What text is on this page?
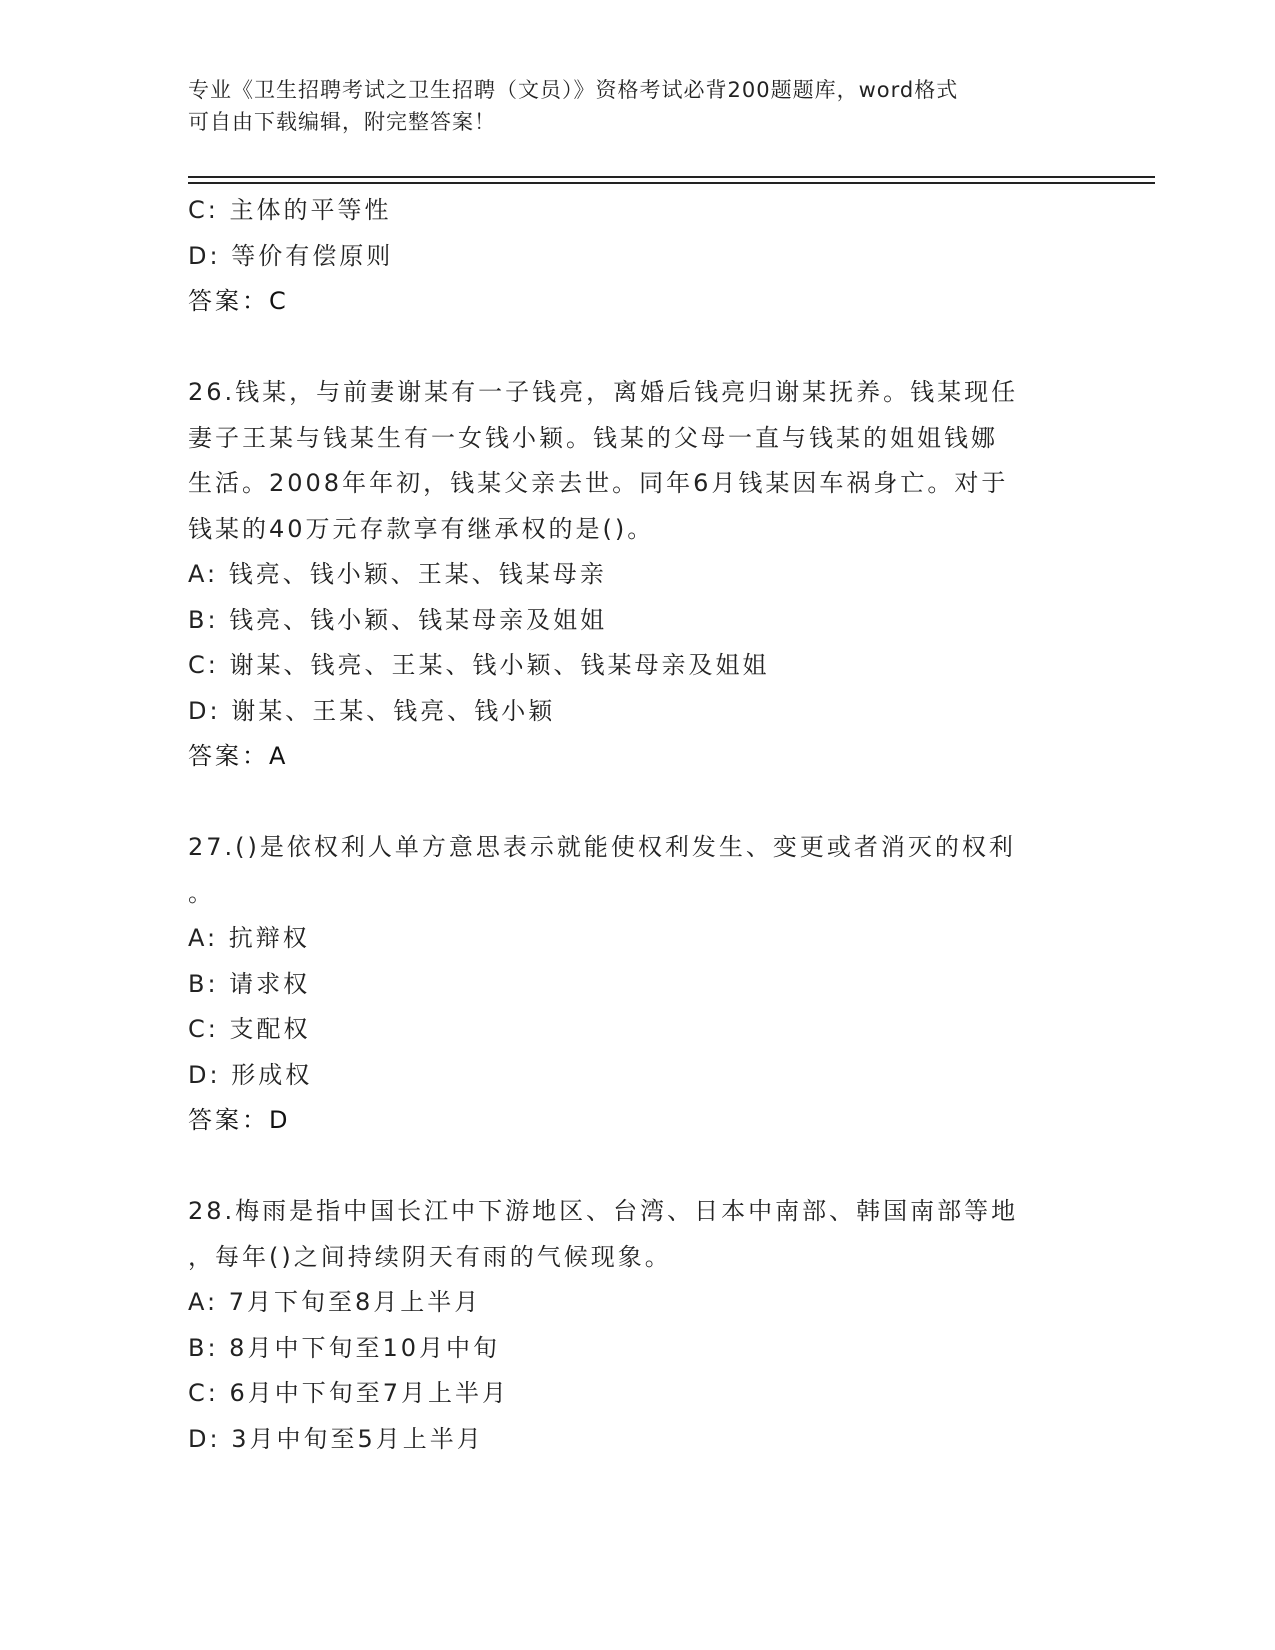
专业《卫生招聘考试之卫生招聘（文员）》资格考试必背200题题库，word格式
可自由下载编辑，附完整答案！
C: 主体的平等性
D: 等价有偿原则
答案：C
26.钱某，与前妻谢某有一子钱亮，离婚后钱亮归谢某抚养。钱某现任
妻子王某与钱某生有一女钱小颖。钱某的父母一直与钱某的姐姐钱娜
生活。2008年年初，钱某父亲去世。同年6月钱某因车祸身亡。对于
钱某的40万元存款享有继承权的是()。
A: 钱亮、钱小颖、王某、钱某母亲
B: 钱亮、钱小颖、钱某母亲及姐姐
C: 谢某、钱亮、王某、钱小颖、钱某母亲及姐姐
D: 谢某、王某、钱亮、钱小颖
答案：A
27.()是依权利人单方意思表示就能使权利发生、变更或者消灭的权利
。
A: 抗辩权
B: 请求权
C: 支配权
D: 形成权
答案：D
28.梅雨是指中国长江中下游地区、台湾、日本中南部、韩国南部等地
，每年()之间持续阴天有雨的气候现象。
A: 7月下旬至8月上半月
B: 8月中下旬至10月中旬
C: 6月中下旬至7月上半月
D: 3月中旬至5月上半月
